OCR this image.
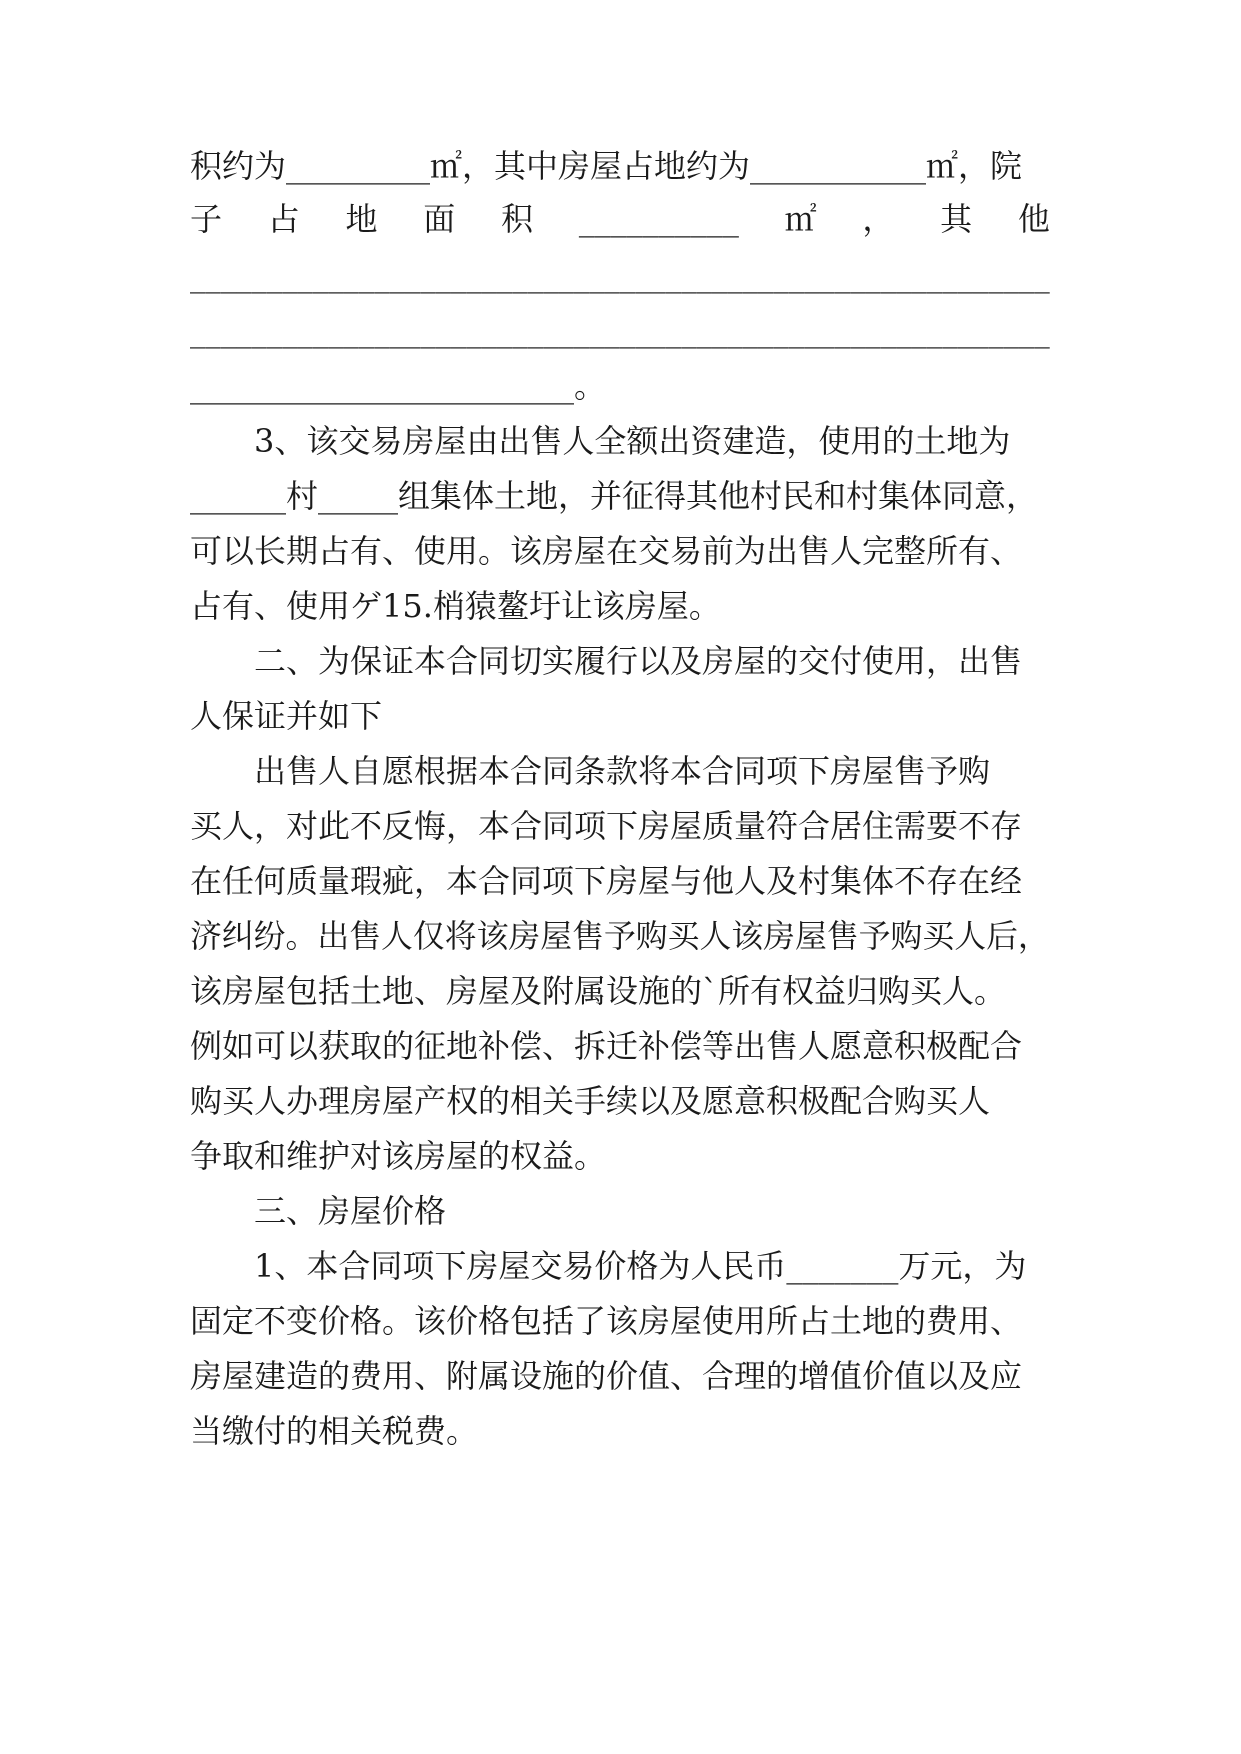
积约为_________㎡，其中房屋占地约为___________㎡，院
子 占 地 面 积 __________ ㎡ ， 其 他
________________________________________________________
________________________________________________________
________________________。
3、该交易房屋由出售人全额出资建造，使用的土地为
______村_____组集体土地，并征得其他村民和村集体同意，
可以长期占有、使用。该房屋在交易前为出售人完整所有、
占有、使用ゲ15.梢猿鳌圩让该房屋。
二、为保证本合同切实履行以及房屋的交付使用，出售
人保证并如下
出售人自愿根据本合同条款将本合同项下房屋售予购
买人，对此不反悔，本合同项下房屋质量符合居住需要不存
在任何质量瑕疵，本合同项下房屋与他人及村集体不存在经
济纠纷。出售人仅将该房屋售予购买人该房屋售予购买人后，
该房屋包括土地、房屋及附属设施的`所有权益归购买人。
例如可以获取的征地补偿、拆迁补偿等出售人愿意积极配合
购买人办理房屋产权的相关手续以及愿意积极配合购买人
争取和维护对该房屋的权益。
三、房屋价格
1、本合同项下房屋交易价格为人民币_______万元，为
固定不变价格。该价格包括了该房屋使用所占土地的费用、
房屋建造的费用、附属设施的价值、合理的增值价值以及应
当缴付的相关税费。
